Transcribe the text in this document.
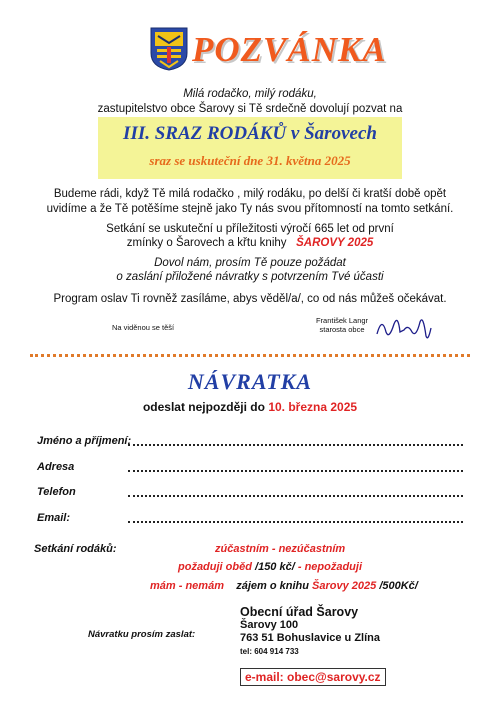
POZVÁNKA
Milá rodačko, milý rodáku,
zastupitelstvo obce Šarovy si Tě srdečně dovolují pozvat na
III. SRAZ RODÁKŮ v Šarovech
sraz se uskuteční dne 31. května 2025
Budeme rádi, když Tě milá rodačko , milý rodáku, po delší či kratší době opět
uvidíme a že Tě potěšíme stejně jako Ty nás svou přítomností na tomto setkání.
Setkání se uskuteční u příležitosti výročí 665 let od první
zmínky o Šarovech a křtu knihy ŠAROVY 2025
Dovol nám, prosím Tě pouze požádat
o zaslání přiložené návratky s potvrzením Tvé účasti
Program oslav Ti rovněž zasíláme, abys věděl/a/, co od nás můžeš očekávat.
Na viděnou se těší
František Langr
starosta obce
NÁVRATKA
odeslat nejpozději do 10. března 2025
Jméno a příjmení:
Adresa
Telefon
Email:
Setkání rodáků:	zúčastním - nezúčastním
požaduji oběd /150 kč/ - nepožaduji
mám - nemám zájem o knihu Šarovy 2025 /500Kč/
Návratku prosím zaslat:
Obecní úřad Šarovy
Šarovy 100
763 51 Bohuslavice u Zlína
tel: 604 914 733
e-mail: obec@sarovy.cz
